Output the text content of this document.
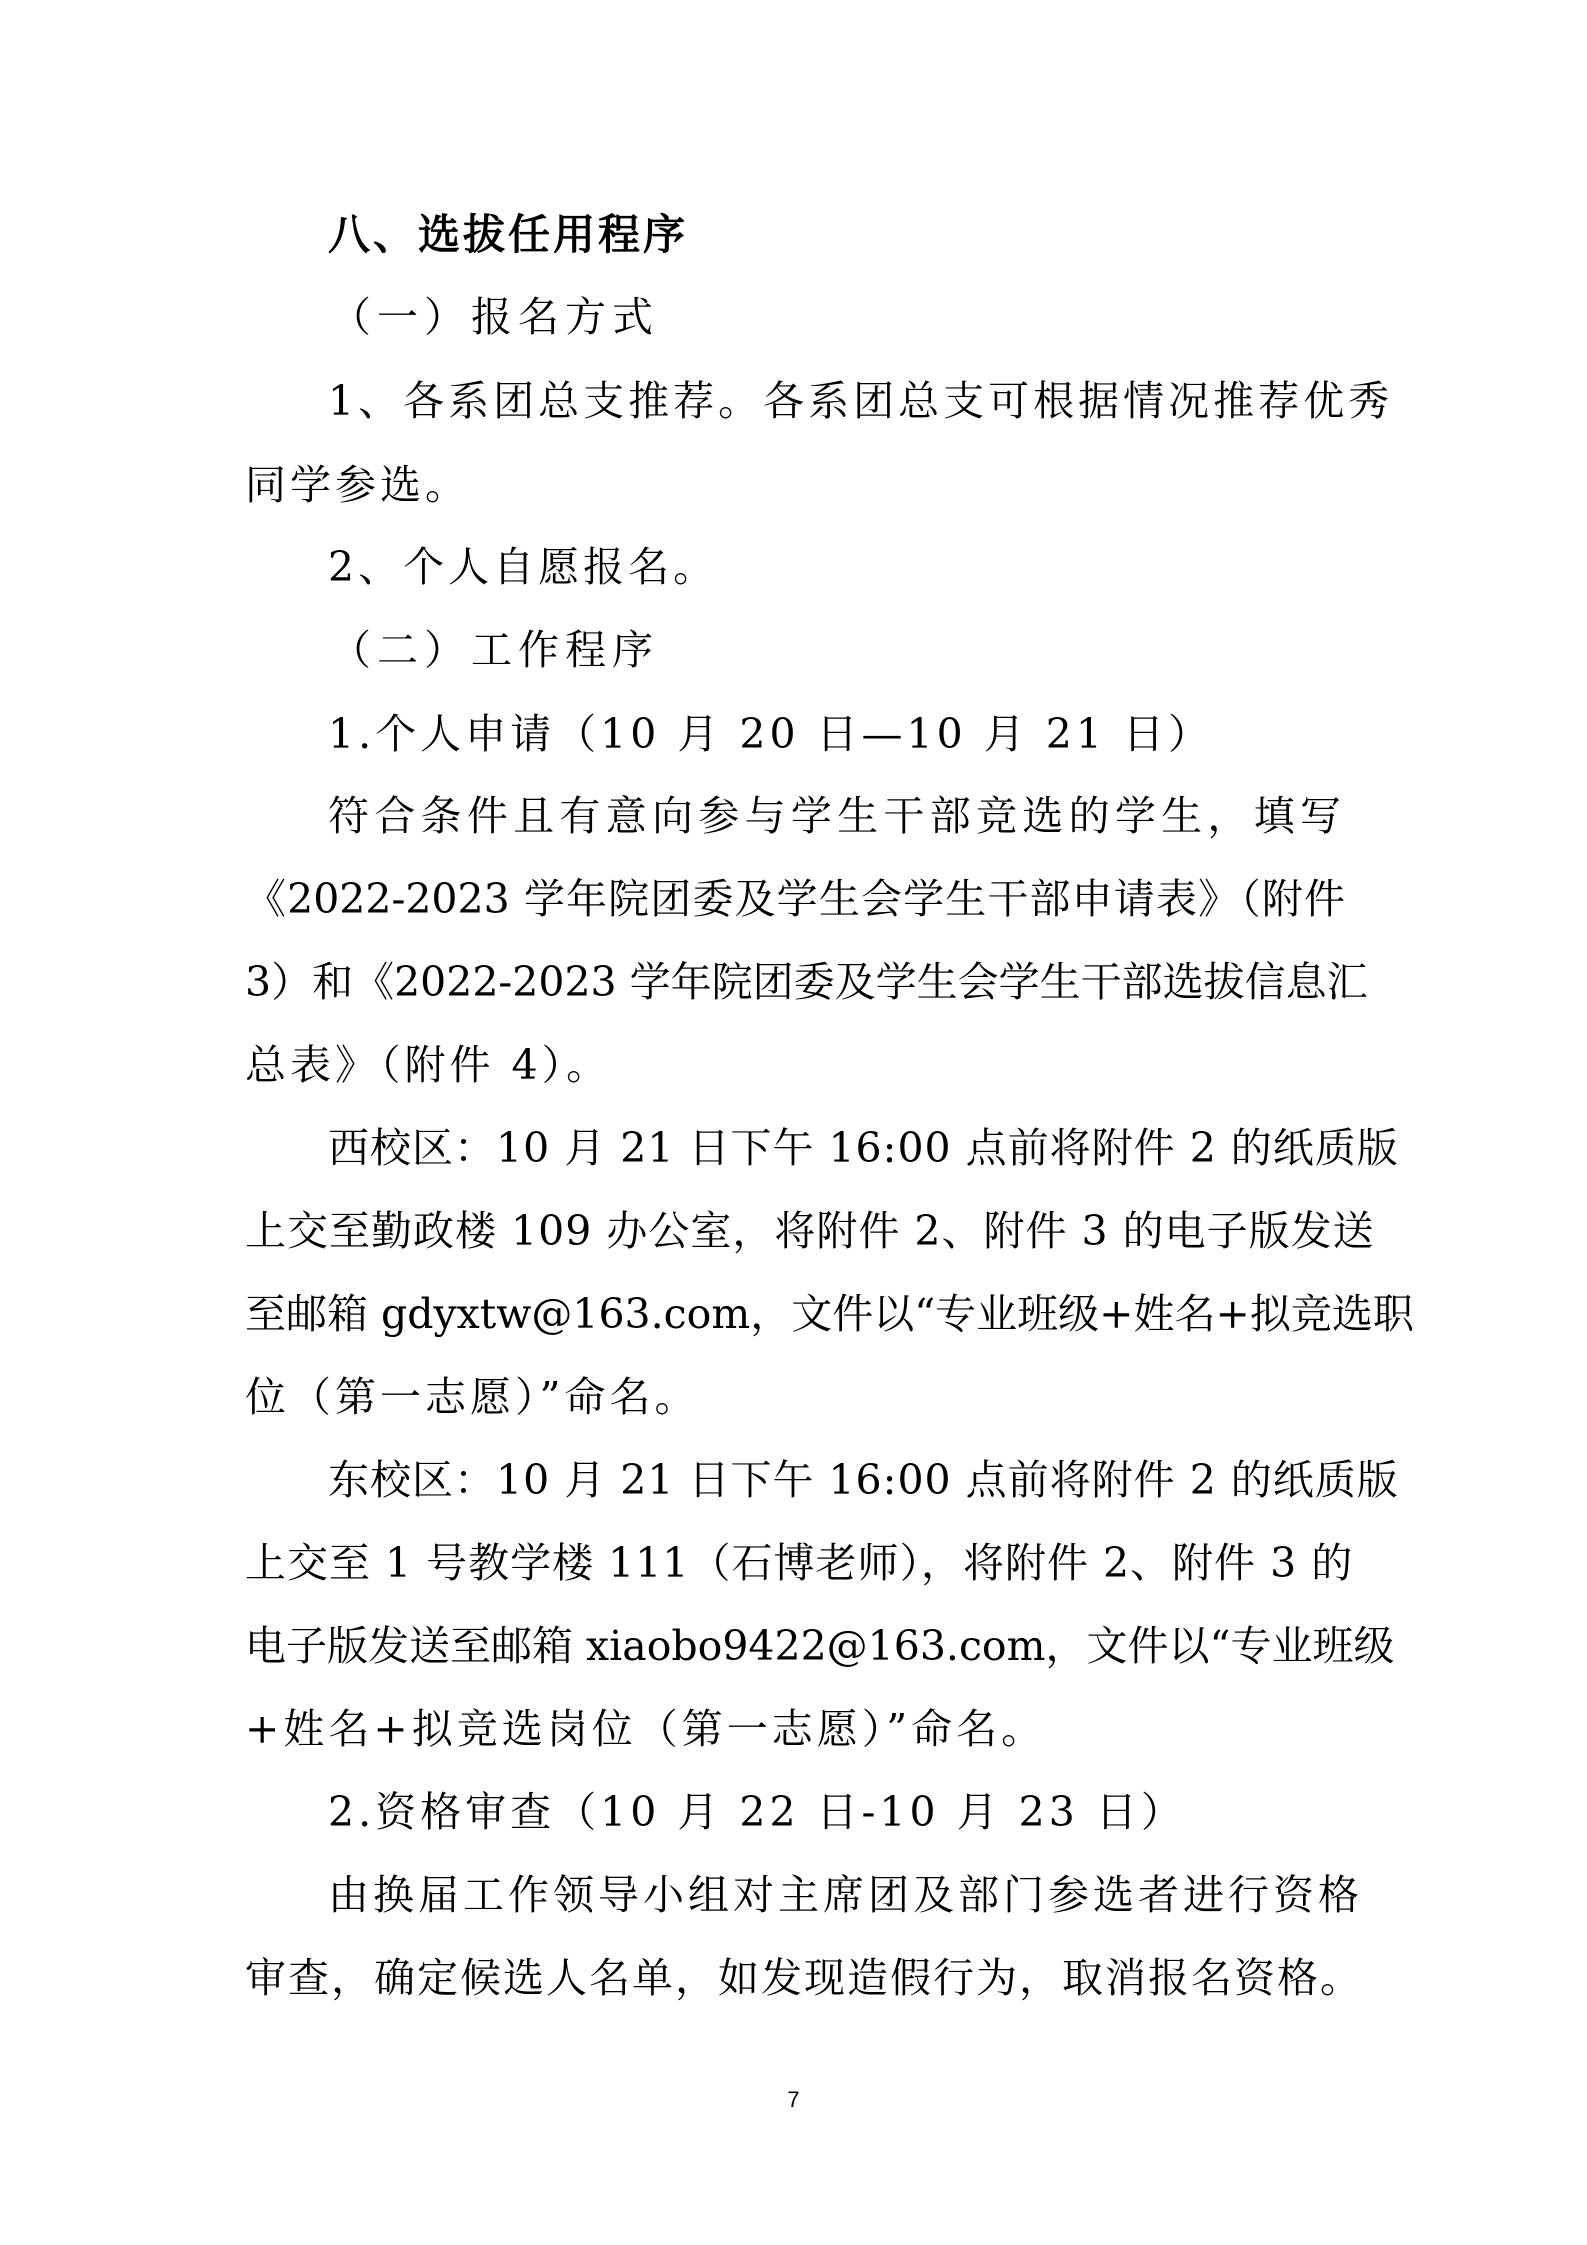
八、选拔任用程序
（一）报名方式
1、各系团总支推荐。各系团总支可根据情况推荐优秀
同学参选。
2、个人自愿报名。
（二）工作程序
1.个人申请（10 月 20 日—10 月 21 日）
符合条件且有意向参与学生干部竞选的学生，填写
《2022-2023 学年院团委及学生会学生干部申请表》（附件
3）和《2022-2023 学年院团委及学生会学生干部选拔信息汇
总表》（附件 4）。
西校区：10 月 21 日下午 16:00 点前将附件 2 的纸质版
上交至勤政楼 109 办公室，将附件 2、附件 3 的电子版发送
至邮箱 gdyxtw@163.com，文件以“专业班级+姓名+拟竞选职
位（第一志愿）”命名。
东校区：10 月 21 日下午 16:00 点前将附件 2 的纸质版
上交至 1 号教学楼 111（石博老师），将附件 2、附件 3 的
电子版发送至邮箱 xiaobo9422@163.com，文件以“专业班级
+姓名+拟竞选岗位（第一志愿）”命名。
2.资格审查（10 月 22 日-10 月 23 日）
由换届工作领导小组对主席团及部门参选者进行资格
审查，确定候选人名单，如发现造假行为，取消报名资格。
7
